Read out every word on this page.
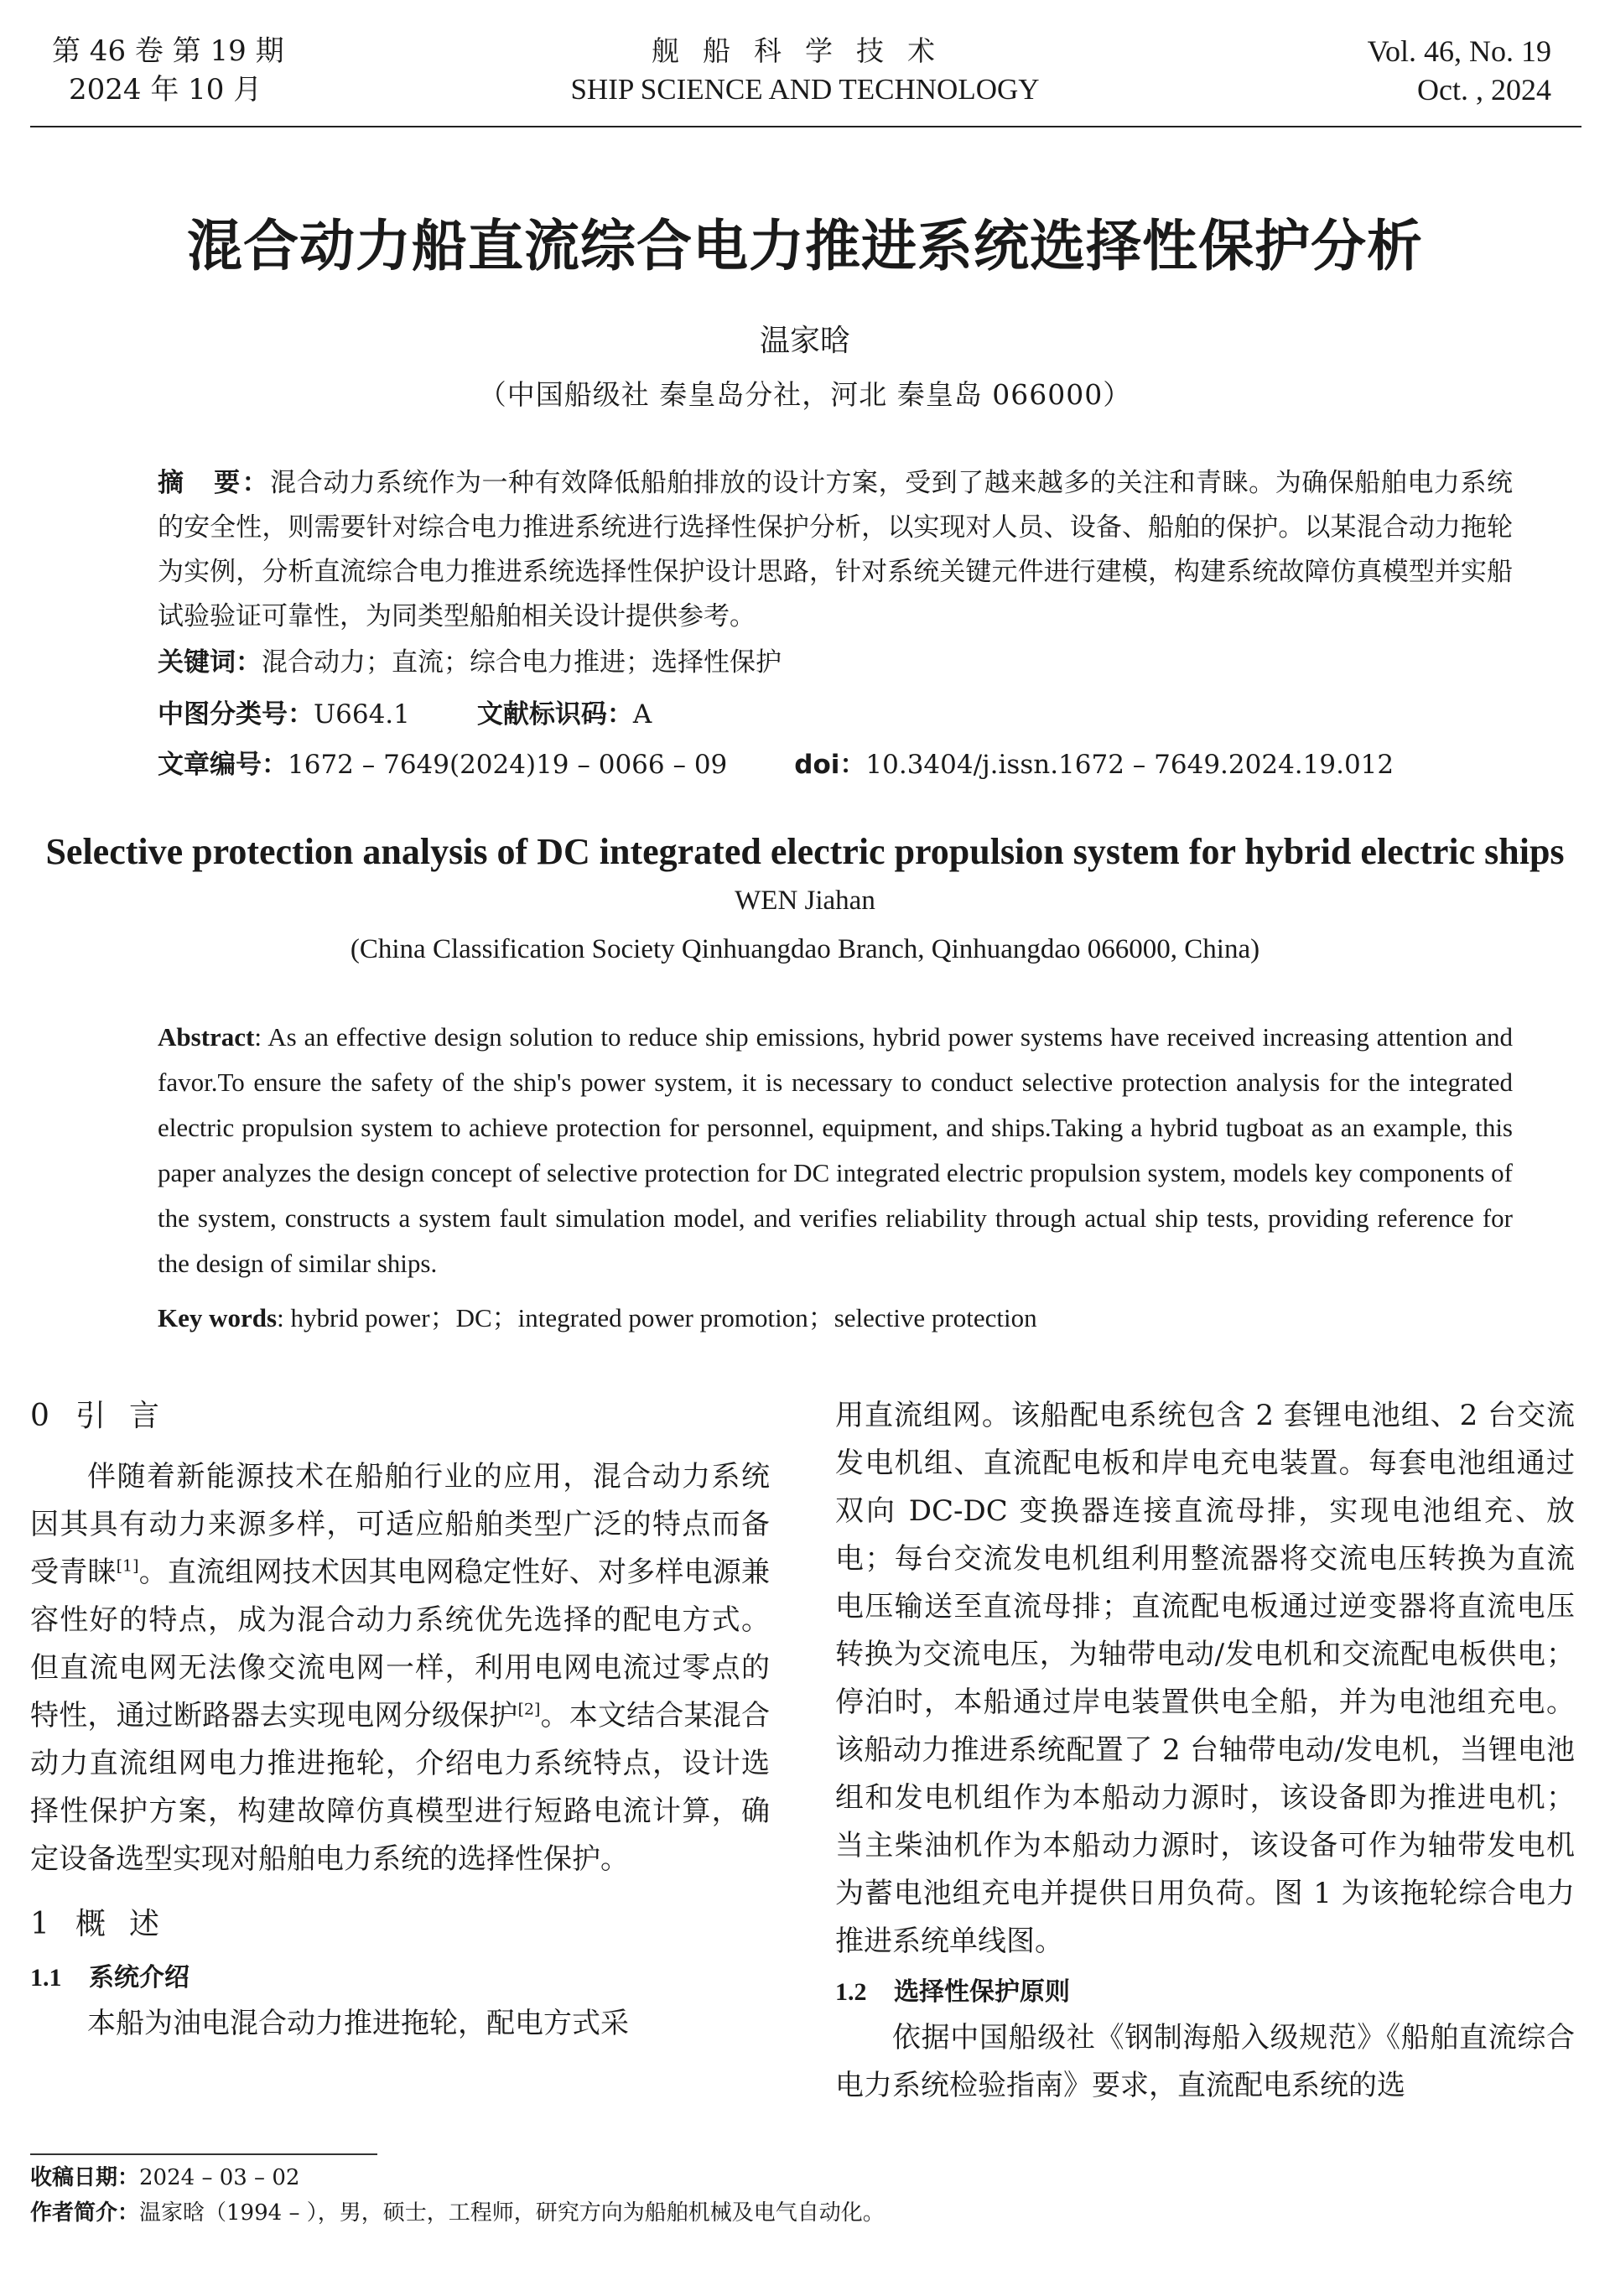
第 46 卷 第 19 期
2024 年 10 月
舰船科学技术
SHIP SCIENCE AND TECHNOLOGY
Vol. 46, No. 19
Oct. , 2024
混合动力船直流综合电力推进系统选择性保护分析
温家晗
（中国船级社 秦皇岛分社，河北 秦皇岛 066000）
摘　要：混合动力系统作为一种有效降低船舶排放的设计方案，受到了越来越多的关注和青睐。为确保船舶电力系统的安全性，则需要针对综合电力推进系统进行选择性保护分析，以实现对人员、设备、船舶的保护。以某混合动力拖轮为实例，分析直流综合电力推进系统选择性保护设计思路，针对系统关键元件进行建模，构建系统故障仿真模型并实船试验验证可靠性，为同类型船舶相关设计提供参考。
关键词：混合动力；直流；综合电力推进；选择性保护
中图分类号：U664.1	文献标识码：A
文章编号：1672 – 7649(2024)19 – 0066 – 09	doi：10.3404/j.issn.1672 – 7649.2024.19.012
Selective protection analysis of DC integrated electric propulsion system for hybrid electric ships
WEN Jiahan
(China Classification Society Qinhuangdao Branch, Qinhuangdao 066000, China)
Abstract: As an effective design solution to reduce ship emissions, hybrid power systems have received increasing attention and favor.To ensure the safety of the ship's power system, it is necessary to conduct selective protection analysis for the integrated electric propulsion system to achieve protection for personnel, equipment, and ships.Taking a hybrid tugboat as an example, this paper analyzes the design concept of selective protection for DC integrated electric propulsion system, models key components of the system, constructs a system fault simulation model, and verifies reliability through actual ship tests, providing reference for the design of similar ships.
Key words: hybrid power；DC；integrated power promotion；selective protection
0 引言

伴随着新能源技术在船舶行业的应用，混合动力系统因其具有动力来源多样，可适应船舶类型广泛的特点而备受青睐[1]。直流组网技术因其电网稳定性好、对多样电源兼容性好的特点，成为混合动力系统优先选择的配电方式。但直流电网无法像交流电网一样，利用电网电流过零点的特性，通过断路器去实现电网分级保护[2]。本文结合某混合动力直流组网电力推进拖轮，介绍电力系统特点，设计选择性保护方案，构建故障仿真模型进行短路电流计算，确定设备选型实现对船舶电力系统的选择性保护。

1 概述
1.1 系统介绍

本船为油电混合动力推进拖轮，配电方式采

用直流组网。该船配电系统包含 2 套锂电池组、2 台交流发电机组、直流配电板和岸电充电装置。每套电池组通过双向 DC-DC 变换器连接直流母排，实现电池组充、放电；每台交流发电机组利用整流器将交流电压转换为直流电压输送至直流母排；直流配电板通过逆变器将直流电压转换为交流电压，为轴带电动/发电机和交流配电板供电；停泊时，本船通过岸电装置供电全船，并为电池组充电。该船动力推进系统配置了 2 台轴带电动/发电机，当锂电池组和发电机组作为本船动力源时，该设备即为推进电机；当主柴油机作为本船动力源时，该设备可作为轴带发电机为蓄电池组充电并提供日用负荷。图 1 为该拖轮综合电力推进系统单线图。

1.2 选择性保护原则

依据中国船级社《钢制海船入级规范》《船舶直流综合电力系统检验指南》要求，直流配电系统的选

收稿日期：2024 – 03 – 02
作者简介：温家晗（1994 – ），男，硕士，工程师，研究方向为船舶机械及电气自动化。
